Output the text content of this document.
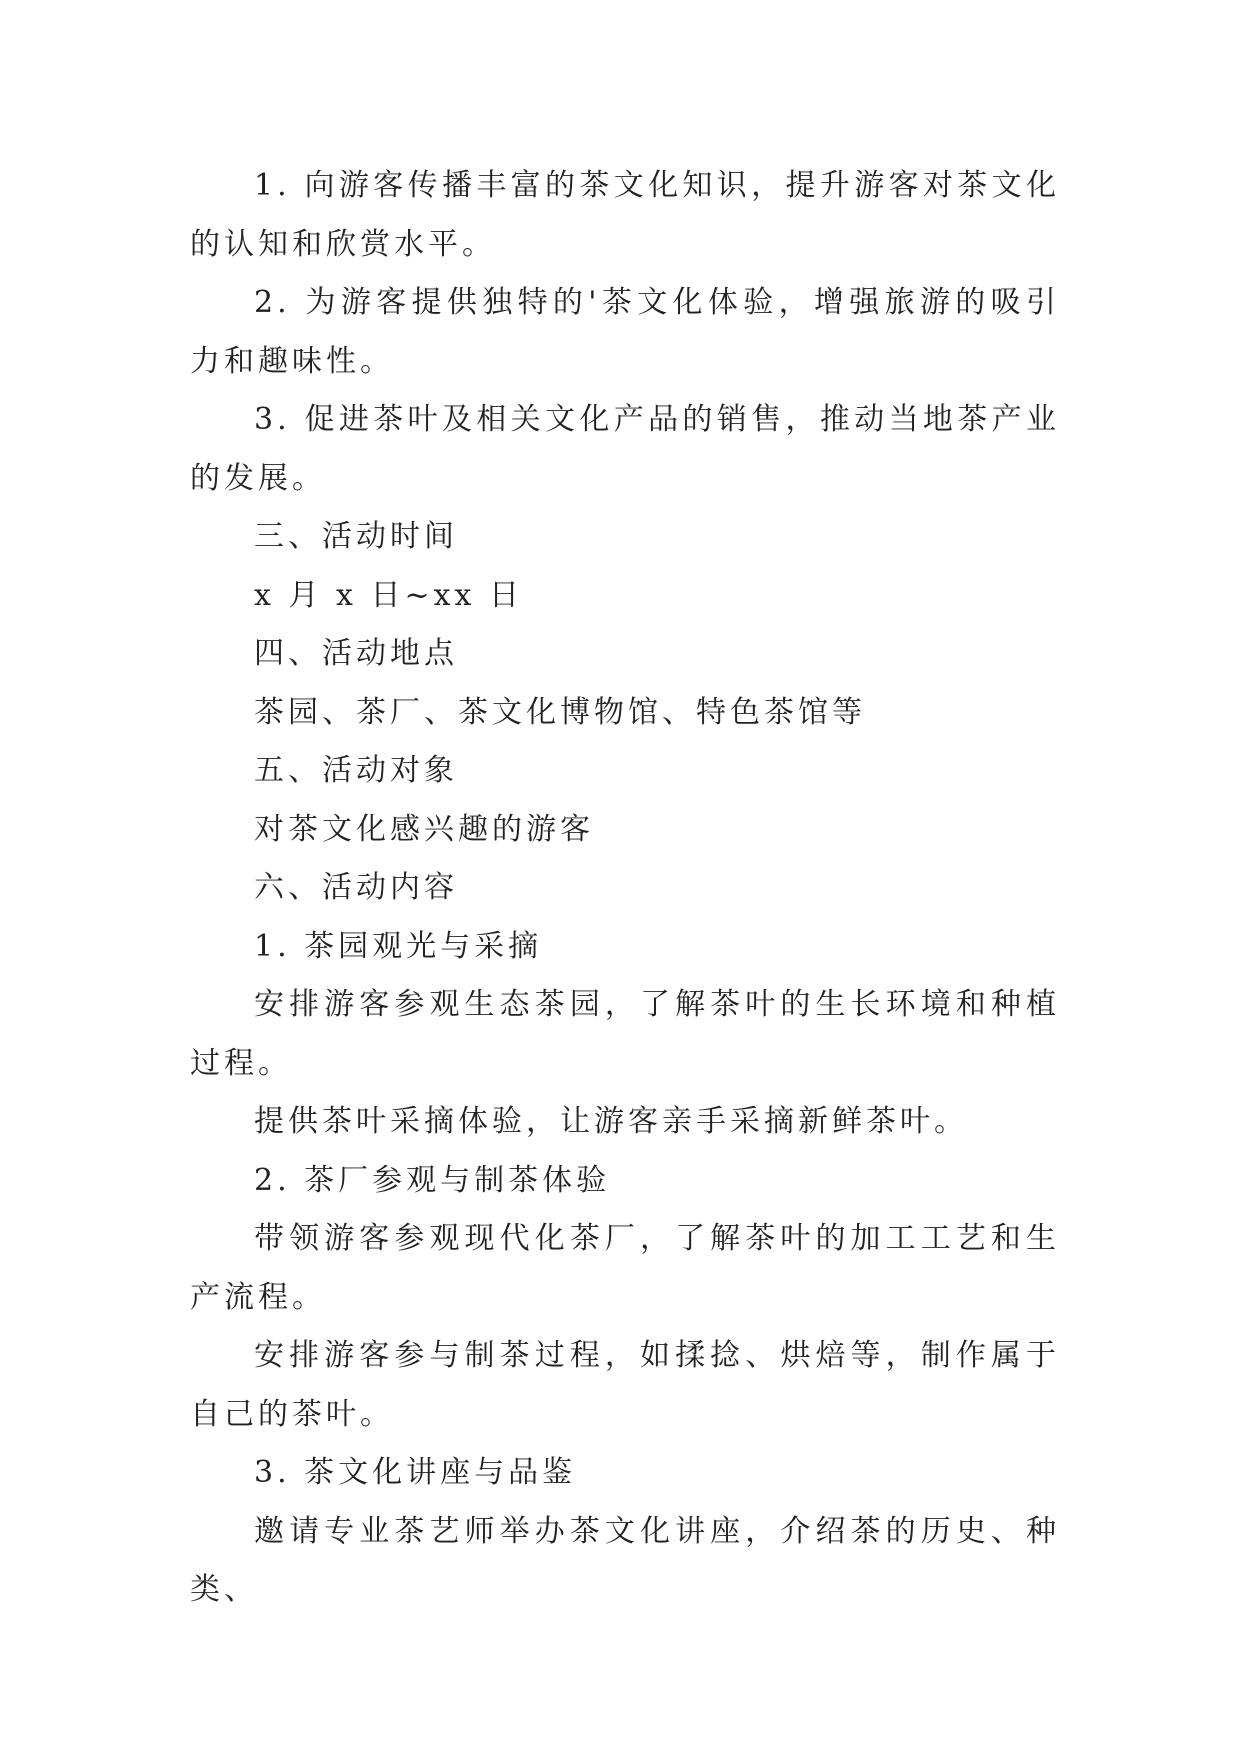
1. 向游客传播丰富的茶文化知识，提升游客对茶文化的认知和欣赏水平。

2. 为游客提供独特的'茶文化体验，增强旅游的吸引力和趣味性。

3. 促进茶叶及相关文化产品的销售，推动当地茶产业的发展。

三、活动时间

x 月 x 日~xx 日

四、活动地点

茶园、茶厂、茶文化博物馆、特色茶馆等

五、活动对象

对茶文化感兴趣的游客

六、活动内容

1. 茶园观光与采摘

安排游客参观生态茶园，了解茶叶的生长环境和种植过程。

提供茶叶采摘体验，让游客亲手采摘新鲜茶叶。

2. 茶厂参观与制茶体验

带领游客参观现代化茶厂，了解茶叶的加工工艺和生产流程。

安排游客参与制茶过程，如揉捻、烘焙等，制作属于自己的茶叶。

3. 茶文化讲座与品鉴

邀请专业茶艺师举办茶文化讲座，介绍茶的历史、种类、
